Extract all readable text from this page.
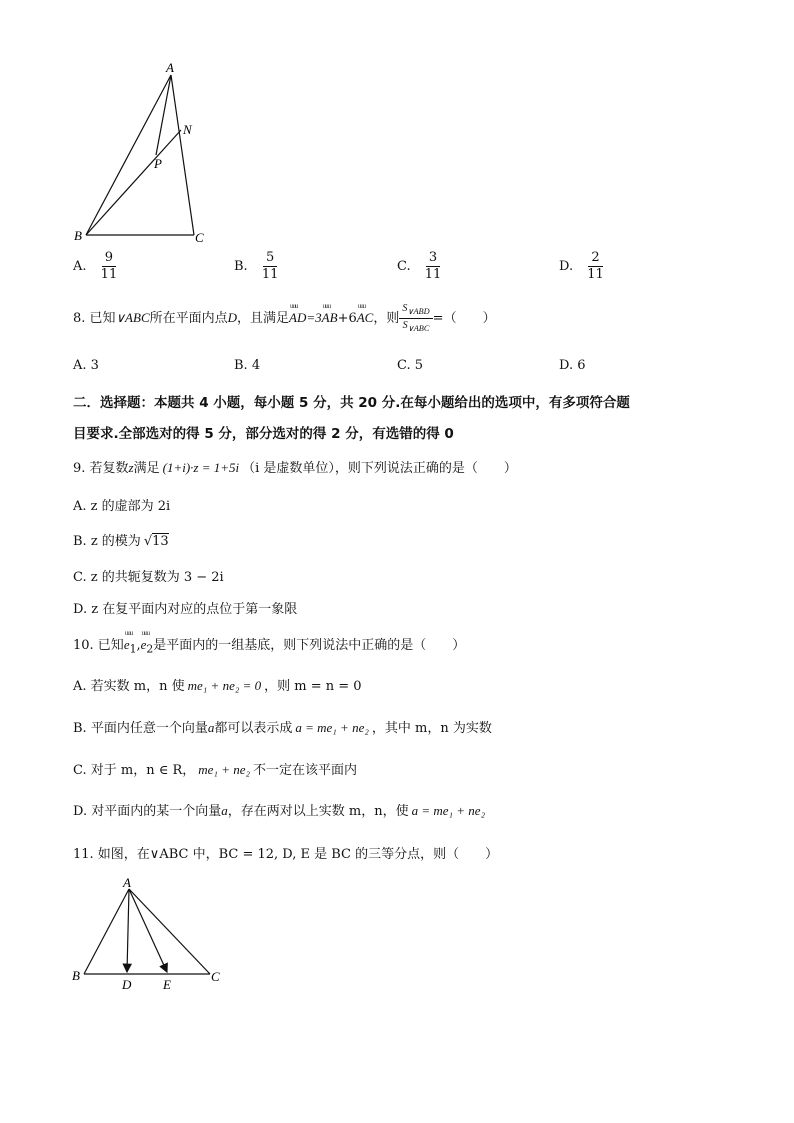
A
N
P
B	C
A. $\frac{9}{11}$	B. $\frac{5}{11}$	C. $\frac{3}{11}$	D. $\frac{2}{11}$
8. 已知∨ABC所在平面内点D，且满足uuu AD=3uuu AB+6uuu AC，则 $\frac{S_{\vee ABD}}{S_{\vee ABC}}$ =（　　）
A. 3	B. 4	C. 5	D. 6
二．选择题：本题共 4 小题，每小题 5 分，共 20 分.在每小题给出的选项中，有多项符合题
目要求.全部选对的得 5 分，部分选对的得 2 分，有选错的得 0
9. 若复数z满足 (1+i)·z = 1+5i （i 是虚数单位），则下列说法正确的是（　　）
A. z 的虚部为 2i
B. z 的模为 √13
C. z 的共轭复数为 3 − 2i
D. z 在复平面内对应的点位于第一象限
10. 已知uuu $e_1,uuu$ $e_2$是平面内的一组基底，则下列说法中正确的是（　　）
A. 若实数 m，n 使 me₁ + ne₂ = 0 ，则 m = n = 0
B. 平面内任意一个向量a都可以表示成 a = me₁ + ne₂ ，其中 m，n 为实数
C. 对于 m，n ∈ R， me₁ + ne₂ 不一定在该平面内
D. 对平面内的某一个向量a，存在两对以上实数 m，n，使 a = me₁ + ne₂
11. 如图，在∨ABC 中，BC = 12, D, E 是 BC 的三等分点，则（　　）
A
B
D E
C
